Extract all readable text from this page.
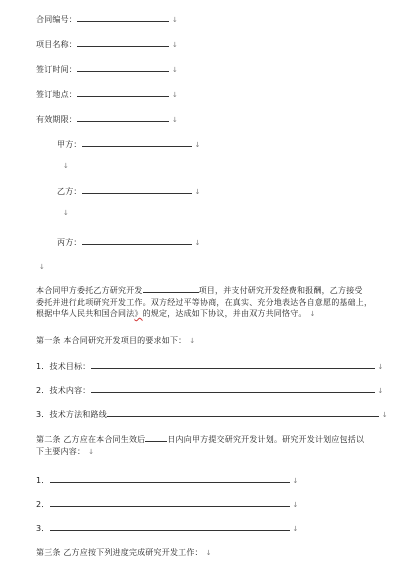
合同编号：	↓
项目名称：	↓
签订时间：	↓
签订地点：	↓
有效期限：	↓
甲方：	↓
↓
乙方：	↓
↓
丙方：	↓
↓
本合同甲方委托乙方研究开发	项目，并支付研究开发经费和报酬，乙方接受
委托并进行此项研究开发工作。双方经过平等协商，在真实、充分地表达各自意愿的基础上，
根据中华人民共和国合同法》的规定，达成如下协议，并由双方共同恪守。 ↓
第一条 本合同研究开发项目的要求如下： ↓
1．技术目标：	↓
2．技术内容：	↓
3．技术方法和路线	↓
第二条 乙方应在本合同生效后	日内向甲方提交研究开发计划。研究开发计划应包括以
下主要内容： ↓
1．	↓
2．	↓
3．	↓
第三条 乙方应按下列进度完成研究开发工作： ↓
